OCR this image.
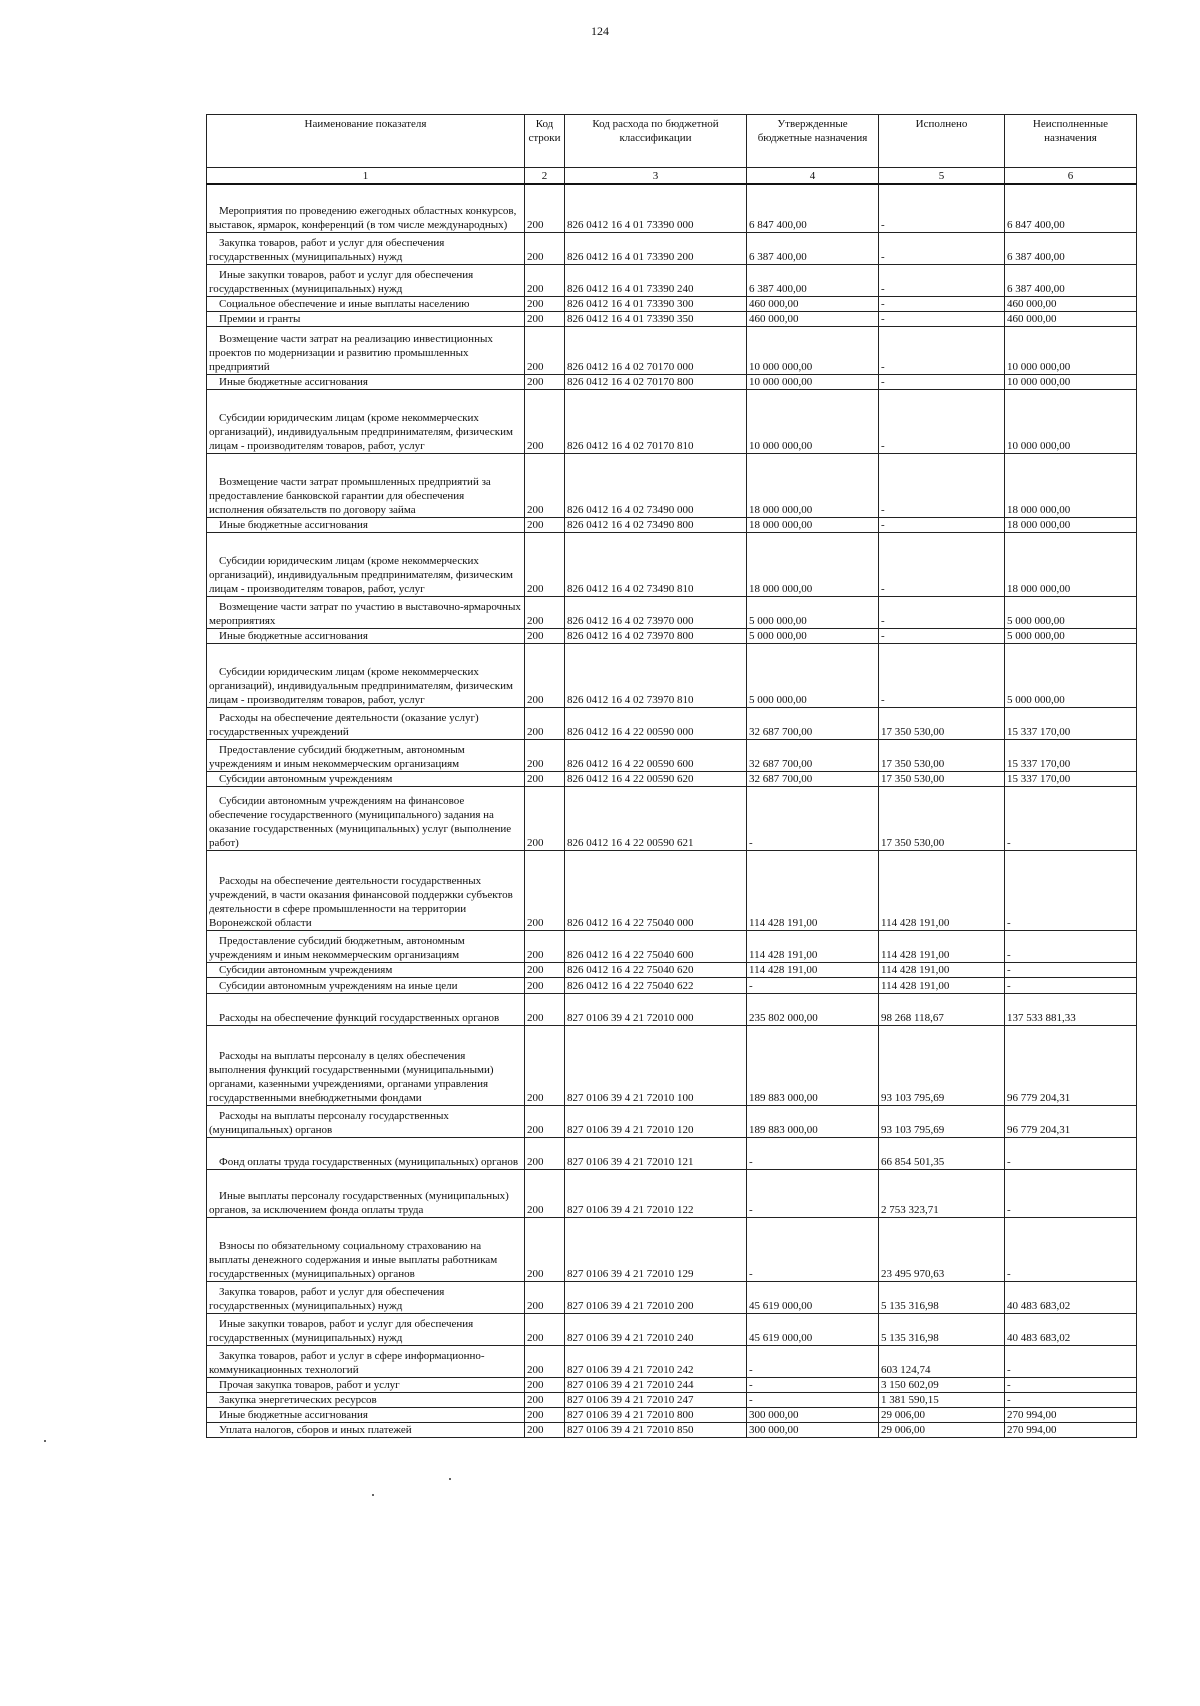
124
Наименование показателя	Код строки	Код расхода по бюджетной классификации	Утвержденные бюджетные назначения	Исполнено	Неисполненные назначения
1	2	3	4	5	6
Мероприятия по проведению ежегодных областных конкурсов, выставок, ярмарок, конференций (в том числе международных)	200	826 0412 16 4 01 73390 000	6 847 400,00	-	6 847 400,00
Закупка товаров, работ и услуг для обеспечения государственных (муниципальных) нужд	200	826 0412 16 4 01 73390 200	6 387 400,00	-	6 387 400,00
Иные закупки товаров, работ и услуг для обеспечения государственных (муниципальных) нужд	200	826 0412 16 4 01 73390 240	6 387 400,00	-	6 387 400,00
Социальное обеспечение и иные выплаты населению	200	826 0412 16 4 01 73390 300	460 000,00	-	460 000,00
Премии и гранты	200	826 0412 16 4 01 73390 350	460 000,00	-	460 000,00
Возмещение части затрат на реализацию инвестиционных проектов по модернизации и развитию промышленных предприятий	200	826 0412 16 4 02 70170 000	10 000 000,00	-	10 000 000,00
Иные бюджетные ассигнования	200	826 0412 16 4 02 70170 800	10 000 000,00	-	10 000 000,00
Субсидии юридическим лицам (кроме некоммерческих организаций), индивидуальным предпринимателям, физическим лицам - производителям товаров, работ, услуг	200	826 0412 16 4 02 70170 810	10 000 000,00	-	10 000 000,00
Возмещение части затрат промышленных предприятий за предоставление банковской гарантии для обеспечения исполнения обязательств по договору займа	200	826 0412 16 4 02 73490 000	18 000 000,00	-	18 000 000,00
Иные бюджетные ассигнования	200	826 0412 16 4 02 73490 800	18 000 000,00	-	18 000 000,00
Субсидии юридическим лицам (кроме некоммерческих организаций), индивидуальным предпринимателям, физическим лицам - производителям товаров, работ, услуг	200	826 0412 16 4 02 73490 810	18 000 000,00	-	18 000 000,00
Возмещение части затрат по участию в выставочно-ярмарочных мероприятиях	200	826 0412 16 4 02 73970 000	5 000 000,00	-	5 000 000,00
Иные бюджетные ассигнования	200	826 0412 16 4 02 73970 800	5 000 000,00	-	5 000 000,00
Субсидии юридическим лицам (кроме некоммерческих организаций), индивидуальным предпринимателям, физическим лицам - производителям товаров, работ, услуг	200	826 0412 16 4 02 73970 810	5 000 000,00	-	5 000 000,00
Расходы на обеспечение деятельности (оказание услуг) государственных учреждений	200	826 0412 16 4 22 00590 000	32 687 700,00	17 350 530,00	15 337 170,00
Предоставление субсидий бюджетным, автономным учреждениям и иным некоммерческим организациям	200	826 0412 16 4 22 00590 600	32 687 700,00	17 350 530,00	15 337 170,00
Субсидии автономным учреждениям	200	826 0412 16 4 22 00590 620	32 687 700,00	17 350 530,00	15 337 170,00
Субсидии автономным учреждениям на финансовое обеспечение государственного (муниципального) задания на оказание государственных (муниципальных) услуг (выполнение работ)	200	826 0412 16 4 22 00590 621	-	17 350 530,00	-
Расходы на обеспечение деятельности государственных учреждений, в части оказания финансовой поддержки субъектов деятельности в сфере промышленности на территории Воронежской области	200	826 0412 16 4 22 75040 000	114 428 191,00	114 428 191,00	-
Предоставление субсидий бюджетным, автономным учреждениям и иным некоммерческим организациям	200	826 0412 16 4 22 75040 600	114 428 191,00	114 428 191,00	-
Субсидии автономным учреждениям	200	826 0412 16 4 22 75040 620	114 428 191,00	114 428 191,00	-
Субсидии автономным учреждениям на иные цели	200	826 0412 16 4 22 75040 622	-	114 428 191,00	-
Расходы на обеспечение функций государственных органов	200	827 0106 39 4 21 72010 000	235 802 000,00	98 268 118,67	137 533 881,33
Расходы на выплаты персоналу в целях обеспечения выполнения функций государственными (муниципальными) органами, казенными учреждениями, органами управления государственными внебюджетными фондами	200	827 0106 39 4 21 72010 100	189 883 000,00	93 103 795,69	96 779 204,31
Расходы на выплаты персоналу государственных (муниципальных) органов	200	827 0106 39 4 21 72010 120	189 883 000,00	93 103 795,69	96 779 204,31
Фонд оплаты труда государственных (муниципальных) органов	200	827 0106 39 4 21 72010 121	-	66 854 501,35	-
Иные выплаты персоналу государственных (муниципальных) органов, за исключением фонда оплаты труда	200	827 0106 39 4 21 72010 122	-	2 753 323,71	-
Взносы по обязательному социальному страхованию на выплаты денежного содержания и иные выплаты работникам государственных (муниципальных) органов	200	827 0106 39 4 21 72010 129	-	23 495 970,63	-
Закупка товаров, работ и услуг для обеспечения государственных (муниципальных) нужд	200	827 0106 39 4 21 72010 200	45 619 000,00	5 135 316,98	40 483 683,02
Иные закупки товаров, работ и услуг для обеспечения государственных (муниципальных) нужд	200	827 0106 39 4 21 72010 240	45 619 000,00	5 135 316,98	40 483 683,02
Закупка товаров, работ и услуг в сфере информационно-коммуникационных технологий	200	827 0106 39 4 21 72010 242	-	603 124,74	-
Прочая закупка товаров, работ и услуг	200	827 0106 39 4 21 72010 244	-	3 150 602,09	-
Закупка энергетических ресурсов	200	827 0106 39 4 21 72010 247	-	1 381 590,15	-
Иные бюджетные ассигнования	200	827 0106 39 4 21 72010 800	300 000,00	29 006,00	270 994,00
Уплата налогов, сборов и иных платежей	200	827 0106 39 4 21 72010 850	300 000,00	29 006,00	270 994,00
